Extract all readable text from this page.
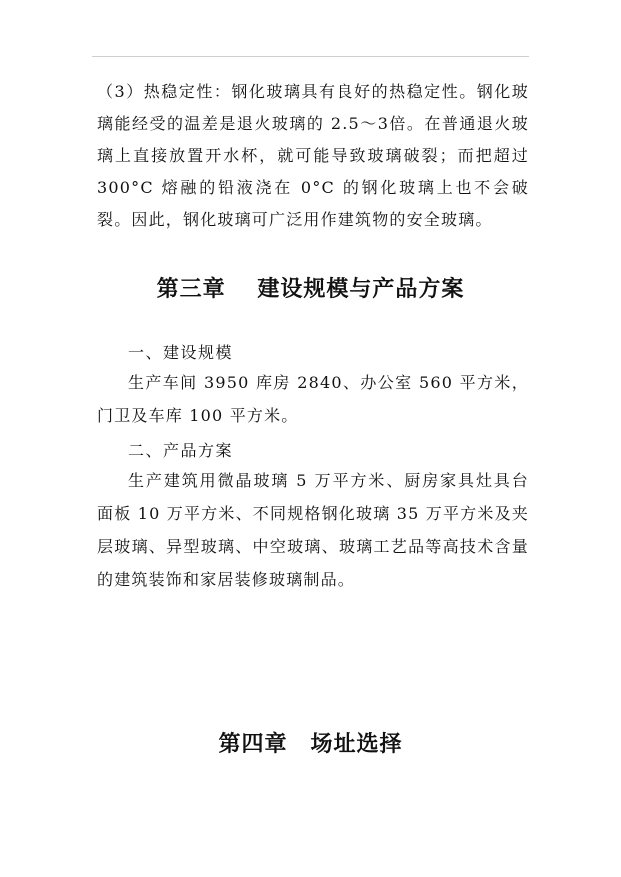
（3）热稳定性：钢化玻璃具有良好的热稳定性。钢化玻璃能经受的温差是退火玻璃的 2.5～3倍。在普通退火玻璃上直接放置开水杯，就可能导致玻璃破裂；而把超过 300°C 熔融的铅液浇在 0°C 的钢化玻璃上也不会破裂。因此，钢化玻璃可广泛用作建筑物的安全玻璃。
第三章　 建设规模与产品方案
一、建设规模
生产车间 3950 库房 2840、办公室 560 平方米，门卫及车库 100 平方米。
二、产品方案
生产建筑用微晶玻璃 5 万平方米、厨房家具灶具台面板 10 万平方米、不同规格钢化玻璃 35 万平方米及夹层玻璃、异型玻璃、中空玻璃、玻璃工艺品等高技术含量的建筑装饰和家居装修玻璃制品。
第四章　场址选择
